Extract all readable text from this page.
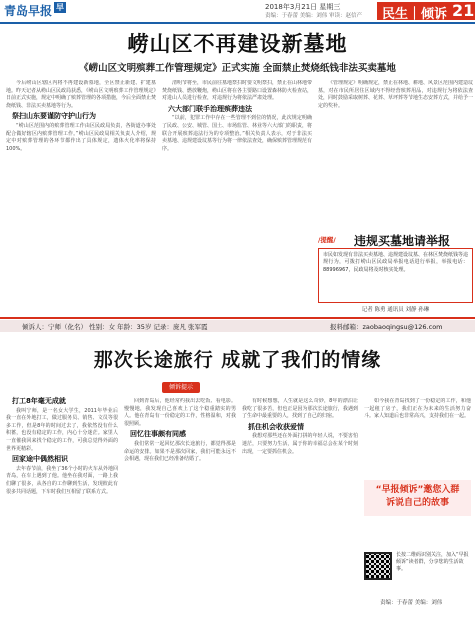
青岛早报 早	2018年3月21日 星期三
责编：于春蕾 美编：刘伟 审读：赵信产 民生｜倾诉 21
崂山区不再建设新墓地
《崂山区文明殡葬工作管理规定》正式实施 全面禁止焚烧纸钱非法买卖墓地

今后崂山区辖区内将不再建设新墓地，全区禁止新建、扩建墓地。昨天记者从崂山区民政局获悉，《崂山区文明殡葬工作管理规定》日前正式实施，规定中明确了殡葬管理的各项措施，今后全面禁止焚烧纸钱、非法买卖墓地等行为。

祭扫山东要谨防守护山行为

“崂山区范围内的殡葬管理工作由区民政局负责，各街道办事处配合做好辖区内殡葬管理工作。”崂山区民政局相关负责人介绍，规定中对殡葬管理的各环节都作出了具体规定，遗体火化率将保持100%。

清明节将至，市民前往墓地祭扫时要文明祭扫，禁止在山林地带焚烧纸钱、燃放鞭炮，崂山区将在各主要路口设置森林防火检查站，对进山人员进行检查，对违规行为将依法严肃处理。

六大部门联手治理殡葬违法

“以前，犯罪工作中存在一些管理不到位的情况，此次规定明确了民政、公安、城管、国土、市场监管、林业等六大部门的职责，将联合开展殡葬违法行为的专项整治。”相关负责人表示，对于非法买卖墓地、违规建设坟墓等行为将一律依法查处，确保殡葬管理规范有序。

《管理规定》明确规定，禁止在林地、耕地、风景区范围内建造坟墓，对在市民所居住区域内不得经营殡葬用品，对违规行为将依法查处，同时鼓励采取树葬、花葬、草坪葬等节地生态安葬方式，并给予一定的奖补。

/提醒/ 违规买墓地请举报
市民如发现有非法买卖墓地、违规建设坟墓、在林区焚烧纸钱等违规行为，可拨打崂山区民政局举报电话进行举报，举报电话：88996967，民政局将及时核实处理。
记者 陈勇 通讯员 刘静 孙琳
倾诉人：宁师（化名） 性别：女 年龄：35岁 记录：庞凡 张军霞	报料邮箱：zaobaoqingsu@126.com
那次长途旅行 成就了我们的情缘
倾诉提示
打工8年毫无成就

我叫宁师，是一名女大学生，2011年毕业后我一直在外地打工，做过服务员、销售、文员等很多工作，但是8年的时间过去了，我依然没有什么积蓄，也没有稳定的工作，内心十分迷茫。家里人一直催我回来找个稳定的工作，可我总觉得外面的世界更精彩。

回家途中偶然相识

去年春节前，我坐了36个小时的火车从外地回青岛，在车上遇到了他。他坐在我对面，一路上我们聊了很多，从各自的工作聊到生活，发现彼此有很多共同话题，下车时我们互相留了联系方式。

回到青岛后，他经常约我出去吃饭、看电影。慢慢地，我发现自己喜欢上了这个稳重踏实的男人。他在青岛有一份稳定的工作，性格温和，对我很照顾。

回忆往事颇有同感

我们常常一起回忆那次长途旅行，都觉得那是命运的安排。如果不是那次回家，我们可能永远不会相遇，现在我们已经准备结婚了。

有时候想想，人生就是这么奇妙，8年的漂泊让我吃了很多苦，但也正是因为那次长途旅行，我遇到了生命中最重要的人，找到了自己的归宿。

抓住机会收获爱情

我想对那些还在外面打拼的年轻人说，不要害怕迷茫，只要努力生活，属于你的幸福总会在某个时刻出现，一定要抓住机会。

如今我在青岛找到了一份稳定的工作，和他一起租了房子，我们正在为未来的生活努力奋斗。家人知道后也非常高兴，支持我们在一起。

“早报倾诉”邀您入群
诉说自己的故事
长按二维码识别关注，加入“早报倾诉”读者群，分享您的生活故事。
责编：于春蕾 美编：刘伟
